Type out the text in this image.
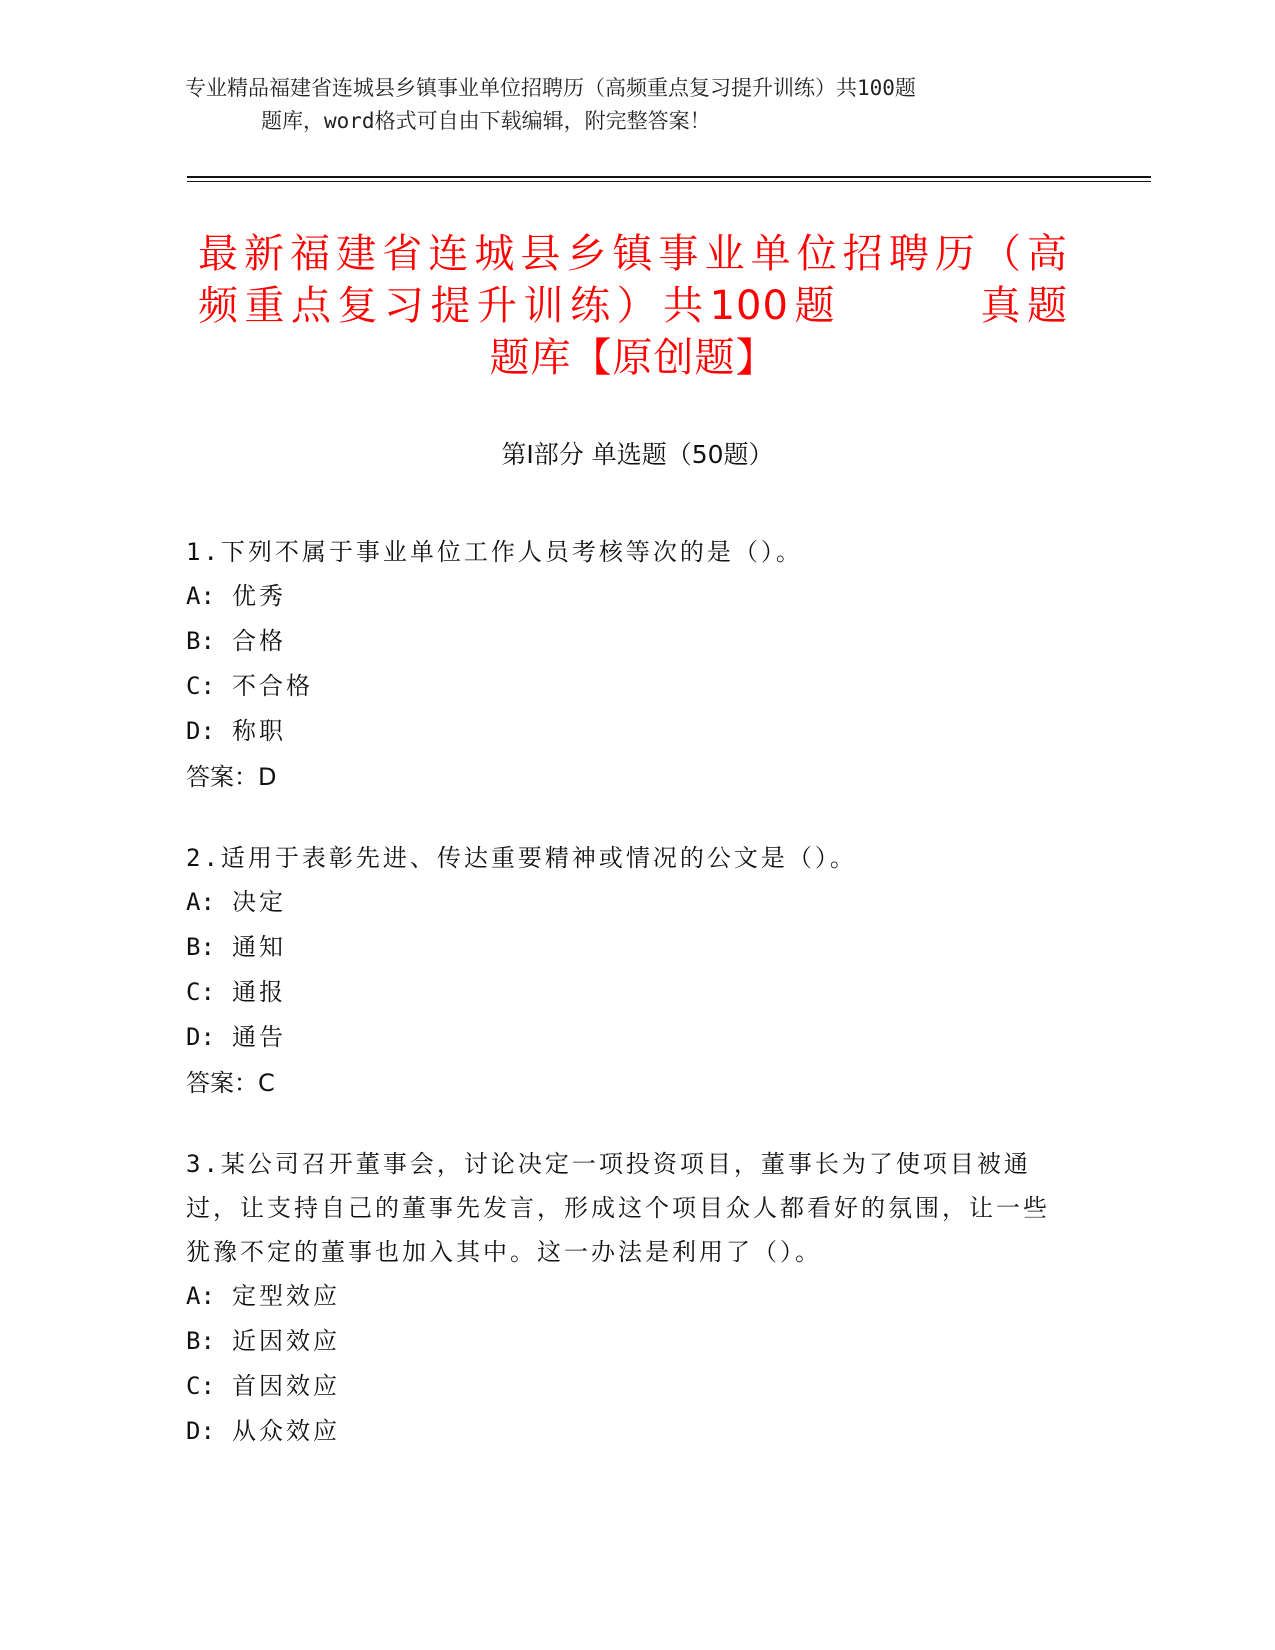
专业精品福建省连城县乡镇事业单位招聘历（高频重点复习提升训练）共100题
题库，word格式可自由下载编辑，附完整答案！
最新福建省连城县乡镇事业单位招聘历（高
频重点复习提升训练）共100题　　　真题
题库【原创题】
第Ⅰ部分 单选题（50题）
1.下列不属于事业单位工作人员考核等次的是（）。
A: 优秀
B: 合格
C: 不合格
D: 称职
答案：D
2.适用于表彰先进、传达重要精神或情况的公文是（）。
A: 决定
B: 通知
C: 通报
D: 通告
答案：C
3.某公司召开董事会，讨论决定一项投资项目，董事长为了使项目被通过，让支持自己的董事先发言，形成这个项目众人都看好的氛围，让一些犹豫不定的董事也加入其中。这一办法是利用了（）。
A: 定型效应
B: 近因效应
C: 首因效应
D: 从众效应
